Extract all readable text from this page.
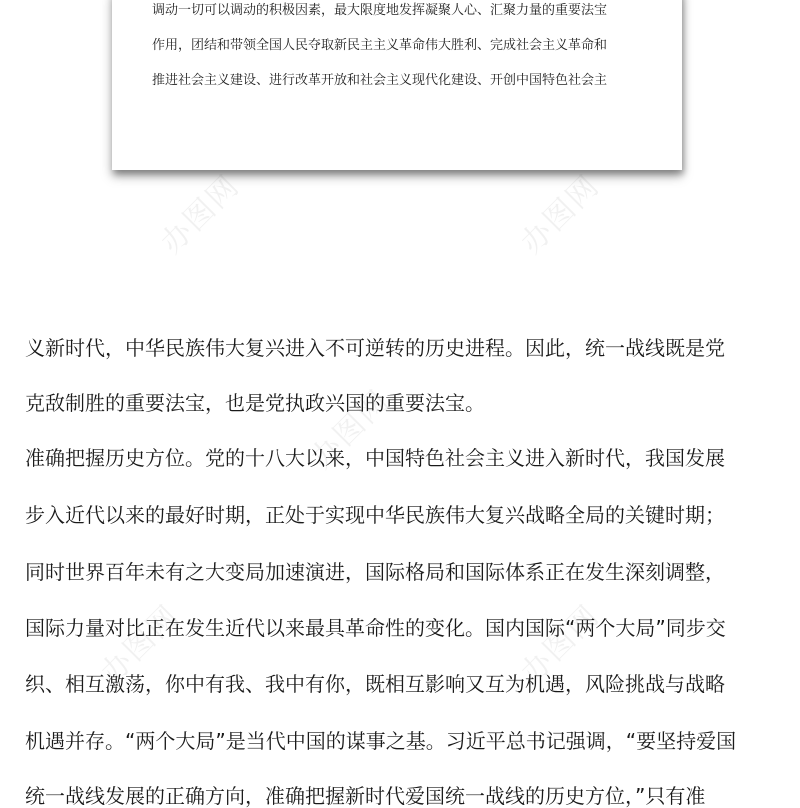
办图网	办图网
办图网
办图网	办图网
调动一切可以调动的积极因素，最大限度地发挥凝聚人心、汇聚力量的重要法宝
作用，团结和带领全国人民夺取新民主主义革命伟大胜利、完成社会主义革命和
推进社会主义建设、进行改革开放和社会主义现代化建设、开创中国特色社会主
义新时代，中华民族伟大复兴进入不可逆转的历史进程。因此，统一战线既是党
克敌制胜的重要法宝，也是党执政兴国的重要法宝。
准确把握历史方位。党的十八大以来，中国特色社会主义进入新时代，我国发展
步入近代以来的最好时期，正处于实现中华民族伟大复兴战略全局的关键时期；
同时世界百年未有之大变局加速演进，国际格局和国际体系正在发生深刻调整，
国际力量对比正在发生近代以来最具革命性的变化。国内国际“两个大局”同步交
织、相互激荡，你中有我、我中有你，既相互影响又互为机遇，风险挑战与战略
机遇并存。“两个大局”是当代中国的谋事之基。习近平总书记强调，“要坚持爱国
统一战线发展的正确方向，准确把握新时代爱国统一战线的历史方位，”只有准
